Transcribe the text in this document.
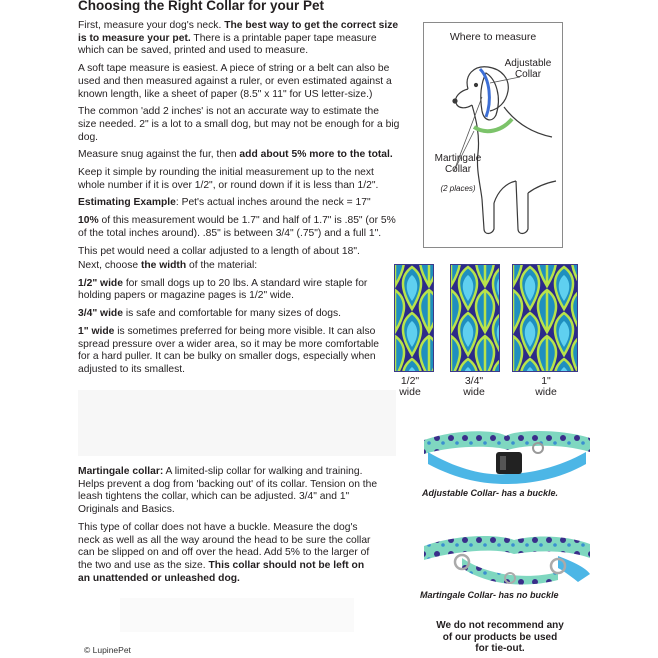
Choosing the Right Collar for your Pet

First, measure your dog's neck. The best way to get the correct size is to measure your pet. There is a printable paper tape measure which can be saved, printed and used to measure.

A soft tape measure is easiest. A piece of string or a belt can also be used and then measured against a ruler, or even estimated against a known length, like a sheet of paper (8.5" x 11" for US letter-size.)

The common 'add 2 inches' is not an accurate way to estimate the size needed. 2" is a lot to a small dog, but may not be enough for a big dog.

Measure snug against the fur, then add about 5% more to the total.

Keep it simple by rounding the initial measurement up to the next whole number if it is over 1/2", or round down if it is less than 1/2".

Estimating Example: Pet's actual inches around the neck = 17"

10% of this measurement would be 1.7" and half of 1.7" is .85" (or 5% of the total inches around). .85" is between 3/4" (.75") and a full 1".

This pet would need a collar adjusted to a length of about 18".

Where to measure
Adjustable
Collar
Martingale
Collar
(2 places)

Next, choose the width of the material:

1/2" wide for small dogs up to 20 lbs. A standard wire staple for holding papers or magazine pages is 1/2" wide.

3/4" wide is safe and comfortable for many sizes of dogs.

1" wide is sometimes preferred for being more visible. It can also spread pressure over a wider area, so it may be more comfortable for a hard puller. It can be bulky on smaller dogs, especially when adjusted to its smallest.

1/2"
wide
3/4"
wide
1"
wide

Martingale collar: A limited-slip collar for walking and training. Helps prevent a dog from 'backing out' of its collar. Tension on the leash tightens the collar, which can be adjusted. 3/4" and 1" Originals and Basics.

This type of collar does not have a buckle. Measure the dog's neck as well as all the way around the head to be sure the collar can be slipped on and off over the head. Add 5% to the larger of the two and use as the size. This collar should not be left on an unattended or unleashed dog.

Adjustable Collar- has a buckle.
Martingale Collar- has no buckle
We do not recommend any
of our products be used
for tie-out.
© LupinePet
